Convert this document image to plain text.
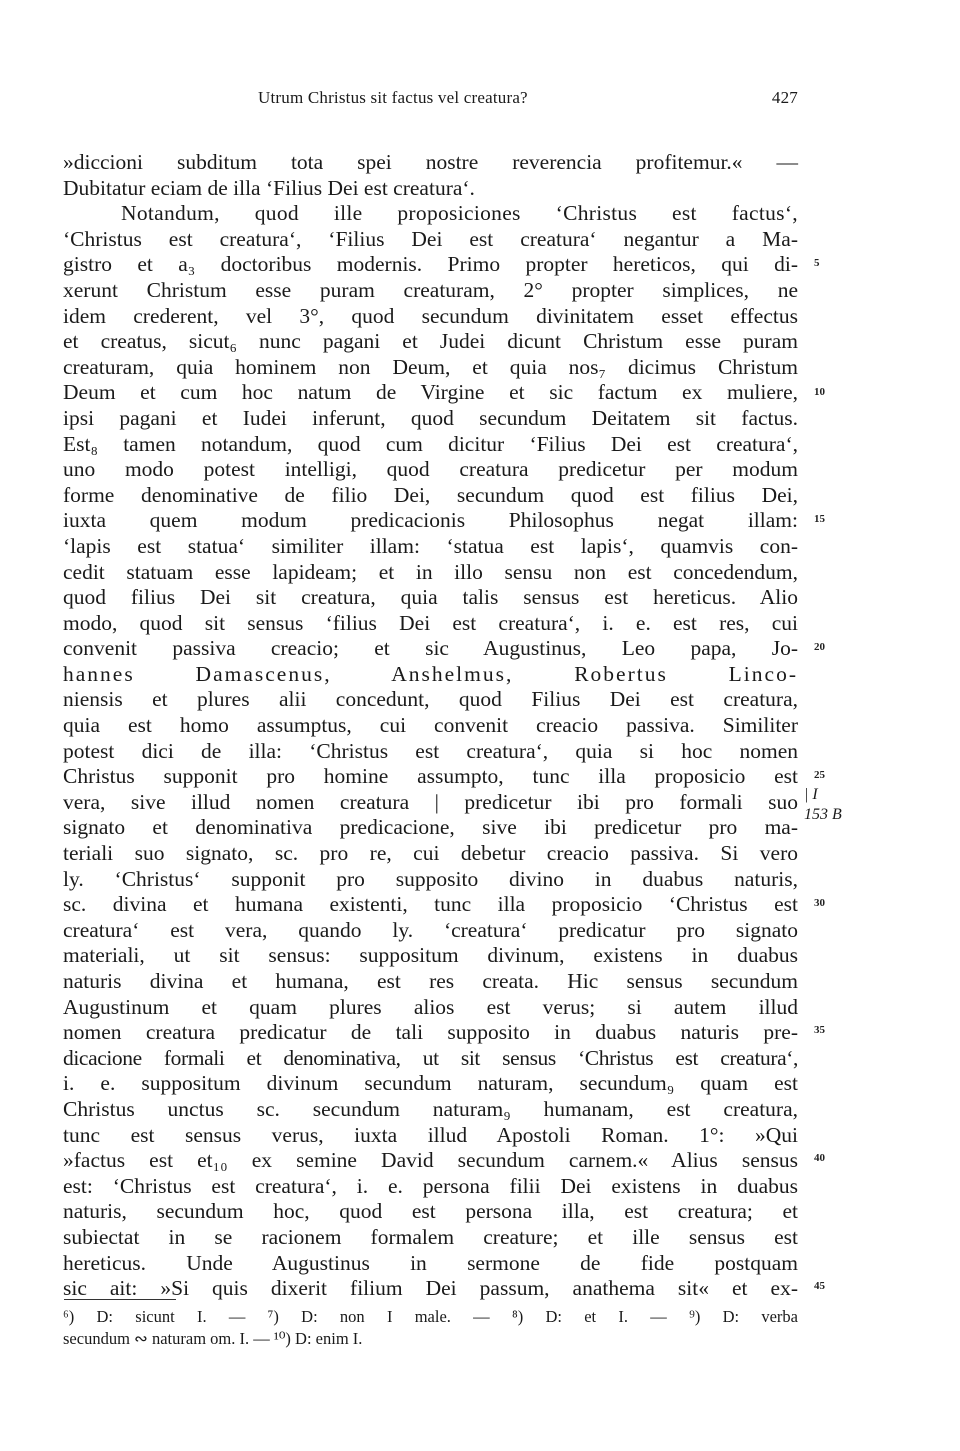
Utrum Christus sit factus vel creatura?	427
»diccioni subditum tota spei nostre reverencia profitemur.« —
Dubitatur eciam de illa ‘Filius Dei est creatura‘.
Notandum, quod ille proposiciones ‘Christus est factus‘,
‘Christus est creatura‘, ‘Filius Dei est creatura‘ negantur a Ma-
gistro et a₃ doctoribus modernis. Primo propter hereticos, qui di-
xerunt Christum esse puram creaturam, 2° propter simplices, ne
idem crederent, vel 3°, quod secundum divinitatem esset effectus
et creatus, sicut₆ nunc pagani et Judei dicunt Christum esse puram
creaturam, quia hominem non Deum, et quia nos₇ dicimus Christum
Deum et cum hoc natum de Virgine et sic factum ex muliere,
ipsi pagani et Iudei inferunt, quod secundum Deitatem sit factus.
Est₈ tamen notandum, quod cum dicitur ‘Filius Dei est creatura‘,
uno modo potest intelligi, quod creatura predicetur per modum
forme denominative de filio Dei, secundum quod est filius Dei,
iuxta quem modum predicacionis Philosophus negat illam:
‘lapis est statua‘ similiter illam: ‘statua est lapis‘, quamvis con-
cedit statuam esse lapideam; et in illo sensu non est concedendum,
quod filius Dei sit creatura, quia talis sensus est hereticus. Alio
modo, quod sit sensus ‘filius Dei est creatura‘, i. e. est res, cui
convenit passiva creacio; et sic Augustinus, Leo papa, Jo-
hannes Damascenus, Anshelmus, Robertus Linco-
niensis et plures alii concedunt, quod Filius Dei est creatura,
quia est homo assumptus, cui convenit creacio passiva. Similiter
potest dici de illa: ‘Christus est creatura‘, quia si hoc nomen
Christus supponit pro homine assumpto, tunc illa proposicio est
vera, sive illud nomen creatura | predicetur ibi pro formali suo
signato et denominativa predicacione, sive ibi predicetur pro ma-
teriali suo signato, sc. pro re, cui debetur creacio passiva. Si vero
ly. ‘Christus‘ supponit pro supposito divino in duabus naturis,
sc. divina et humana existenti, tunc illa proposicio ‘Christus est
creatura‘ est vera, quando ly. ‘creatura‘ predicatur pro signato
materiali, ut sit sensus: suppositum divinum, existens in duabus
naturis divina et humana, est res creata. Hic sensus secundum
Augustinum et quam plures alios est verus; si autem illud
nomen creatura predicatur de tali supposito in duabus naturis pre-
dicacione formali et denominativa, ut sit sensus ‘Christus est creatura‘,
i. e. suppositum divinum secundum naturam, secundum₉ quam est
Christus unctus sc. secundum naturam₉ humanam, est creatura,
tunc est sensus verus, iuxta illud Apostoli Roman. 1°: »Qui
»factus est et₁₀ ex semine David secundum carnem.« Alius sensus
est: ‘Christus est creatura‘, i. e. persona filii Dei existens in duabus
naturis, secundum hoc, quod est persona illa, est creatura; et
subiectat in se racionem formalem creature; et ille sensus est
hereticus. Unde Augustinus in sermone de fide postquam
sic ait: »Si quis dixerit filium Dei passum, anathema sit« et ex-
5
10
15
20
25
30
35
40
45
| I
153 B
⁶) D: sicunt I. — ⁷) D: non I male. — ⁸) D: et I. — ⁹) D: verba
secundum ∾ naturam om. I. — ¹⁰) D: enim I.
